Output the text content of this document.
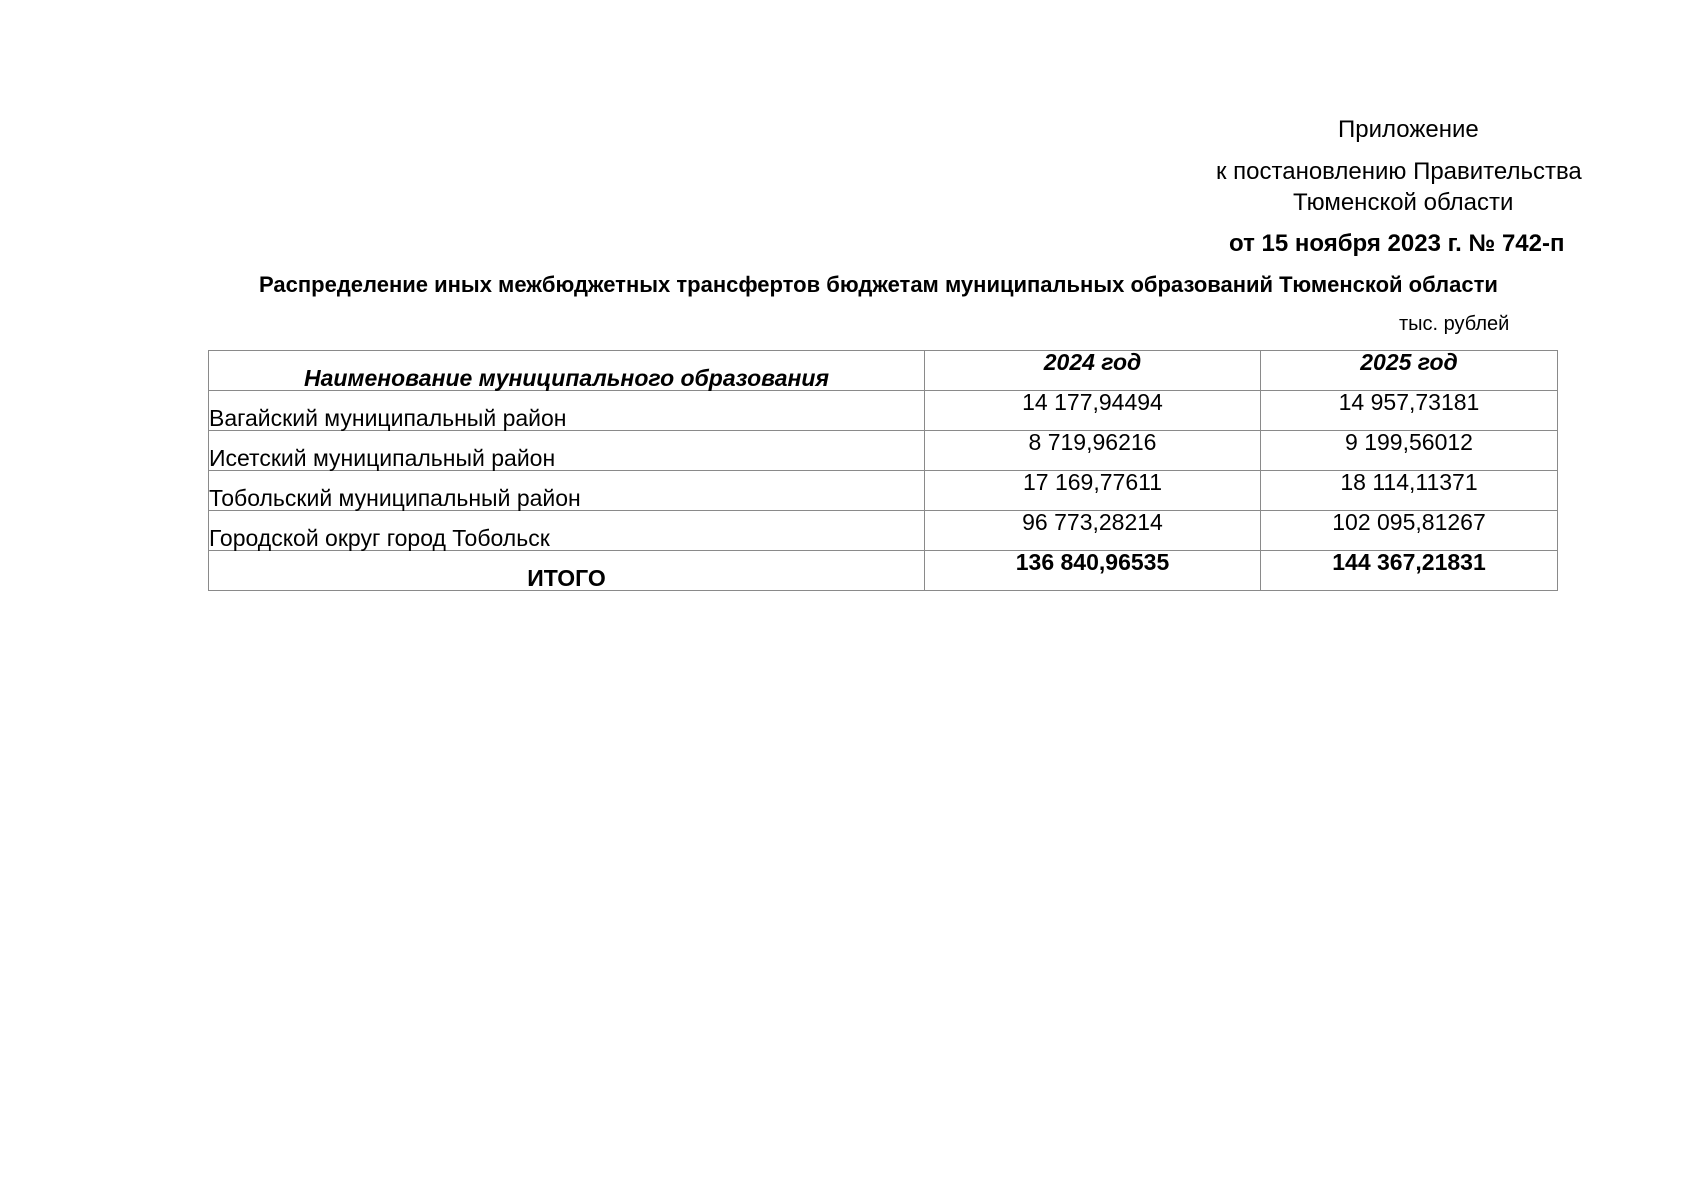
Приложение
к постановлению Правительства
Тюменской области
от 15 ноября 2023 г. № 742-п
Распределение иных межбюджетных трансфертов бюджетам муниципальных образований Тюменской области
тыс. рублей
Наименование муниципального образования	2024 год	2025 год
Вагайский муниципальный район	14 177,94494	14 957,73181
Исетский муниципальный район	8 719,96216	9 199,56012
Тобольский муниципальный район	17 169,77611	18 114,11371
Городской округ город Тобольск	96 773,28214	102 095,81267
ИТОГО	136 840,96535	144 367,21831
